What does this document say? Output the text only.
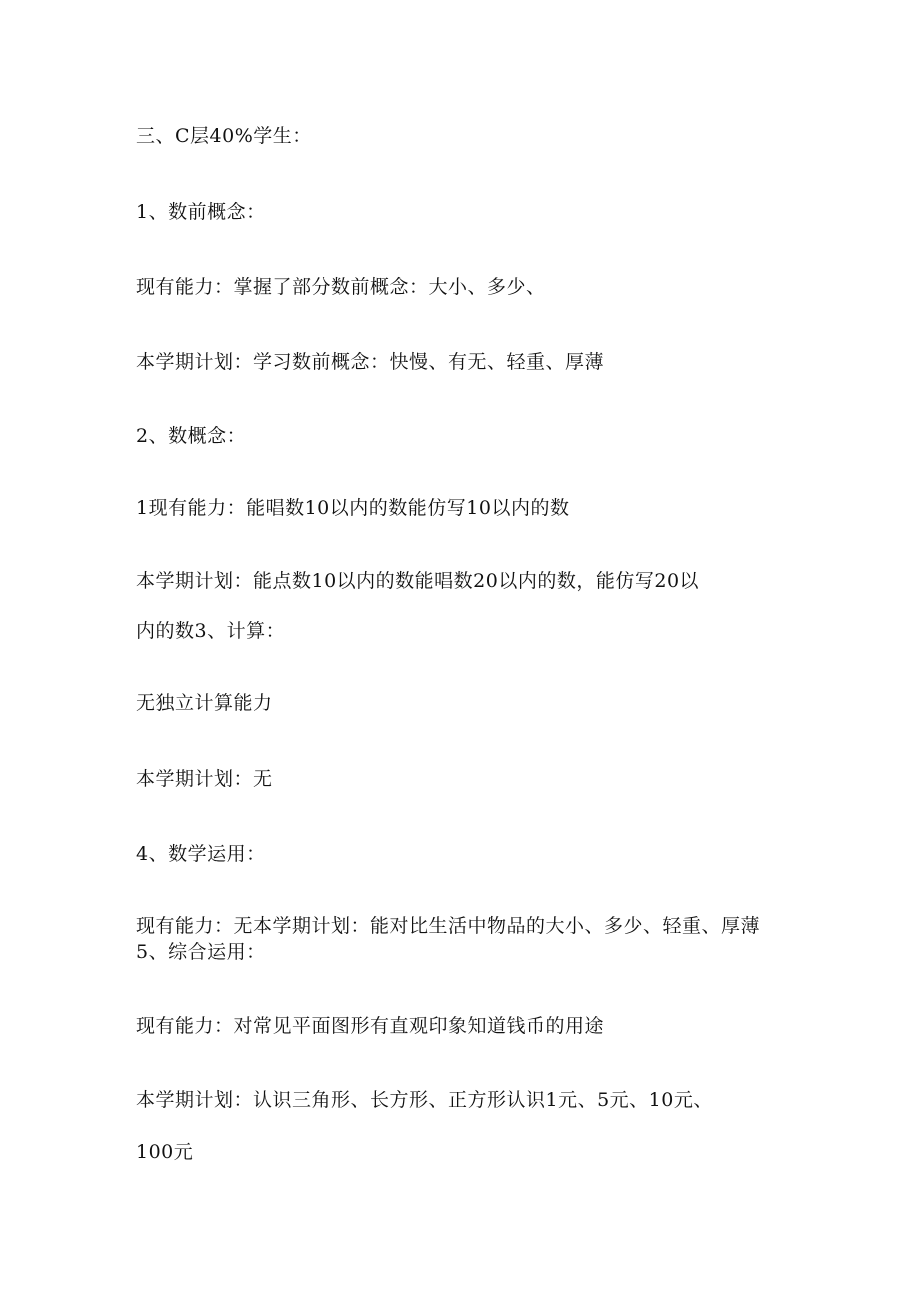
三、C层40%学生：
1、数前概念：
现有能力：掌握了部分数前概念：大小、多少、
本学期计划：学习数前概念：快慢、有无、轻重、厚薄
2、数概念：
1现有能力：能唱数10以内的数能仿写10以内的数
本学期计划：能点数10以内的数能唱数20以内的数，能仿写20以
内的数3、计算：
无独立计算能力
本学期计划：无
4、数学运用：
现有能力：无本学期计划：能对比生活中物品的大小、多少、轻重、厚薄
5、综合运用：
现有能力：对常见平面图形有直观印象知道钱币的用途
本学期计划：认识三角形、长方形、正方形认识1元、5元、10元、
100元
